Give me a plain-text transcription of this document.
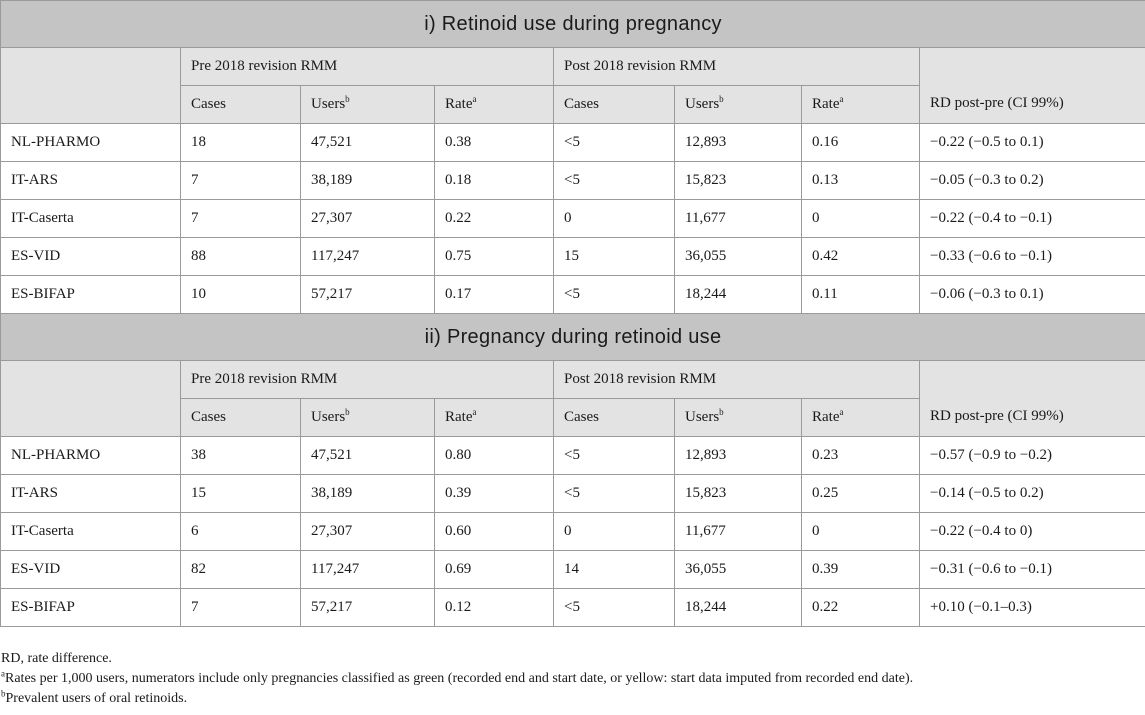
i) Retinoid use during pregnancy							
	Pre 2018 revision RMM			Post 2018 revision RMM			RD post-pre (CI 99%)
	Cases	Users$^b$	Rate$^a$	Cases	Users$^b$	Rate$^a$
NL-PHARMO	18	47,521	0.38	<5	12,893	0.16	−0.22 (−0.5 to 0.1)
IT-ARS	7	38,189	0.18	<5	15,823	0.13	−0.05 (−0.3 to 0.2)
IT-Caserta	7	27,307	0.22	0	11,677	0	−0.22 (−0.4 to −0.1)
ES-VID	88	117,247	0.75	15	36,055	0.42	−0.33 (−0.6 to −0.1)
ES-BIFAP	10	57,217	0.17	<5	18,244	0.11	−0.06 (−0.3 to 0.1)
ii) Pregnancy during retinoid use							
	Pre 2018 revision RMM			Post 2018 revision RMM			RD post-pre (CI 99%)
	Cases	Users$^b$	Rate$^a$	Cases	Users$^b$	Rate$^a$
NL-PHARMO	38	47,521	0.80	<5	12,893	0.23	−0.57 (−0.9 to −0.2)
IT-ARS	15	38,189	0.39	<5	15,823	0.25	−0.14 (−0.5 to 0.2)
IT-Caserta	6	27,307	0.60	0	11,677	0	−0.22 (−0.4 to 0)
ES-VID	82	117,247	0.69	14	36,055	0.39	−0.31 (−0.6 to −0.1)
ES-BIFAP	7	57,217	0.12	<5	18,244	0.22	+0.10 (−0.1–0.3)
RD, rate difference.
$^a$Rates per 1,000 users, numerators include only pregnancies classified as green (recorded end and start date, or yellow: start data imputed from recorded end date).
$^b$Prevalent users of oral retinoids.
